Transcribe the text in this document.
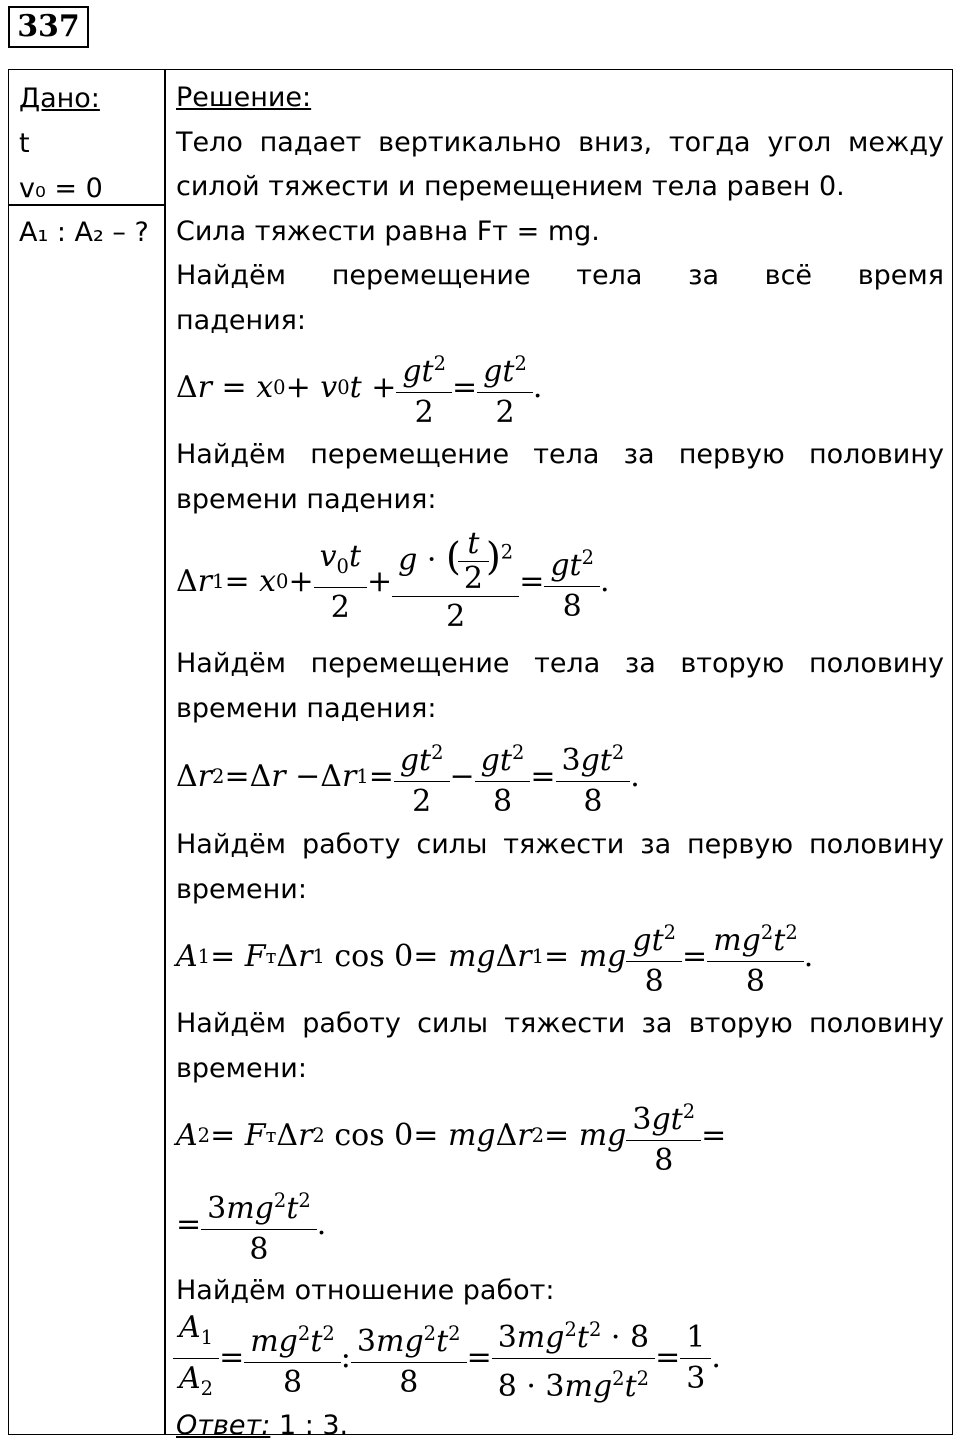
337
Дано:
t
v₀ = 0
A₁ : A₂ – ?
Решение:
Тело падает вертикально вниз, тогда угол между
силой тяжести и перемещением тела равен 0.
Сила тяжести равна Fт = mg.
Найдём перемещение тела за всё время
падения:
Δ r = x 0 + v 0 $t + \frac{gt^2}{2} = \frac{gt^2}{2}$ .
Найдём перемещение тела за первую половину
времени падения:
Δ r 1 = x $0 + \frac{v_0t}{2} + \frac{g \cdot ( \frac{t}{2} )^2}{2} = \frac{gt^2}{8}$ .
Найдём перемещение тела за вторую половину
времени падения:
Δ r 2 = Δ r − Δ r $1 = \frac{gt^2}{2} - \frac{gt^2}{8} = \frac{3gt^2}{8}$ .
Найдём работу силы тяжести за первую половину
времени:
A 1 = F т Δ r 1
cos 0 = mg Δ r 1 = mg $\frac{gt^2}{8} = \frac{mg^2t^2}{8}$ .
Найдём работу силы тяжести за вторую половину
времени:
A 2 = F т Δ r 2
cos 0 = mg Δ r 2 = mg $\frac{3gt^2}{8}$ =
= $\frac{3mg^2t^2}{8}$ .
Найдём отношение работ:
$\frac{A_1}{A_2} = \frac{mg^2t^2}{8}$ : $\frac{3mg^2t^2}{8} = \frac{3mg^2t^2 \cdot 8}{8 \cdot 3mg^2t^2} = \frac{1}{3}$ .
Ответ: 1 : 3.
